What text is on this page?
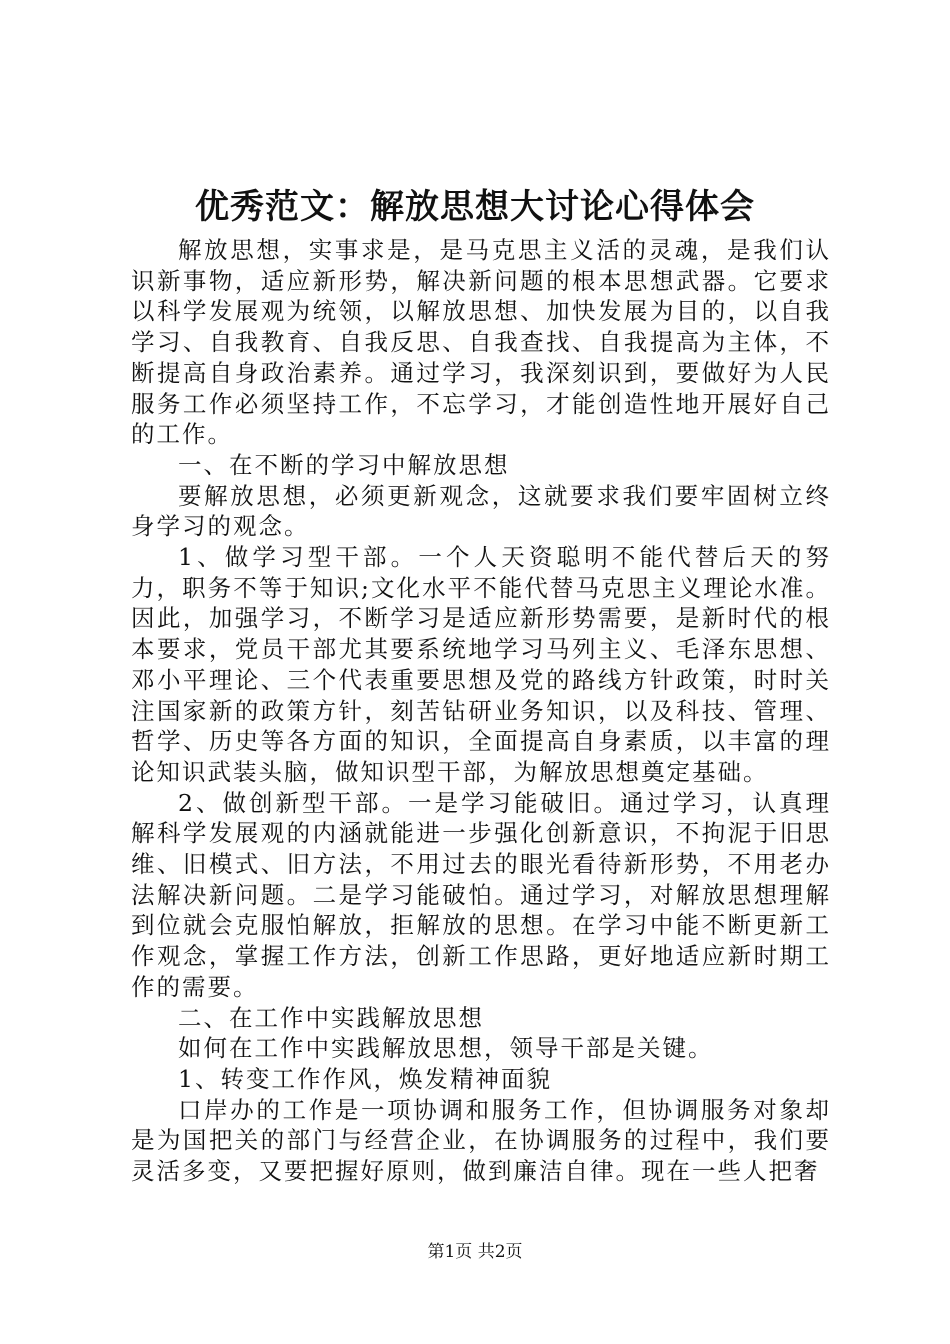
优秀范文：解放思想大讨论心得体会

解放思想，实事求是，是马克思主义活的灵魂，是我们认识新事物，适应新形势，解决新问题的根本思想武器。它要求以科学发展观为统领，以解放思想、加快发展为目的，以自我学习、自我教育、自我反思、自我查找、自我提高为主体，不断提高自身政治素养。通过学习，我深刻识到，要做好为人民服务工作必须坚持工作，不忘学习，才能创造性地开展好自己的工作。

一、在不断的学习中解放思想

要解放思想，必须更新观念，这就要求我们要牢固树立终身学习的观念。

1、做学习型干部。一个人天资聪明不能代替后天的努力，职务不等于知识;文化水平不能代替马克思主义理论水准。因此，加强学习，不断学习是适应新形势需要，是新时代的根本要求，党员干部尤其要系统地学习马列主义、毛泽东思想、邓小平理论、三个代表重要思想及党的路线方针政策，时时关注国家新的政策方针，刻苦钻研业务知识，以及科技、管理、哲学、历史等各方面的知识，全面提高自身素质，以丰富的理论知识武装头脑，做知识型干部，为解放思想奠定基础。

2、做创新型干部。一是学习能破旧。通过学习，认真理解科学发展观的内涵就能进一步强化创新意识，不拘泥于旧思维、旧模式、旧方法，不用过去的眼光看待新形势，不用老办法解决新问题。二是学习能破怕。通过学习，对解放思想理解到位就会克服怕解放，拒解放的思想。在学习中能不断更新工作观念，掌握工作方法，创新工作思路，更好地适应新时期工作的需要。

二、在工作中实践解放思想

如何在工作中实践解放思想，领导干部是关键。

1、转变工作作风，焕发精神面貌

口岸办的工作是一项协调和服务工作，但协调服务对象却是为国把关的部门与经营企业，在协调服务的过程中，我们要灵活多变，又要把握好原则，做到廉洁自律。现在一些人把奢

第1页 共2页
